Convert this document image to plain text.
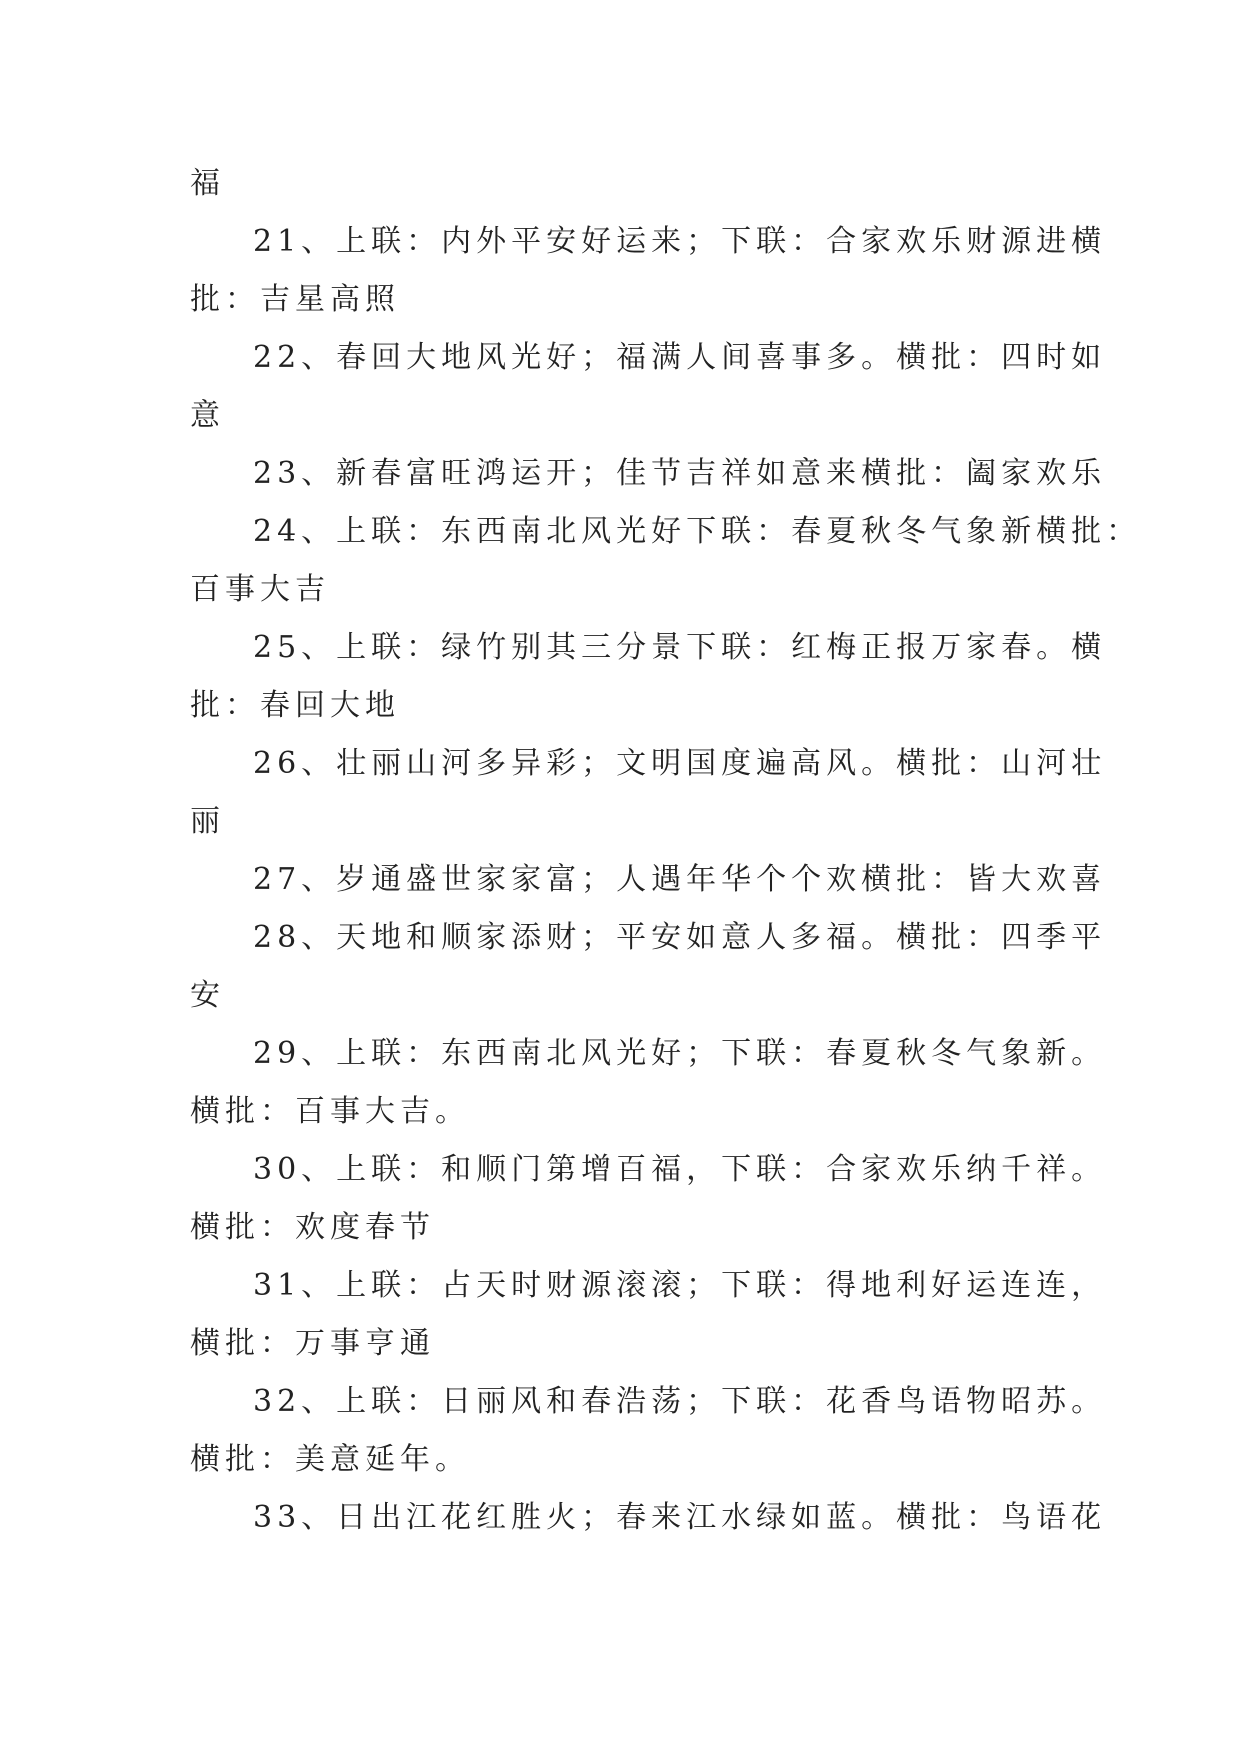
福
21、上联：内外平安好运来；下联：合家欢乐财源进横
批：吉星高照
22、春回大地风光好；福满人间喜事多。横批：四时如
意
23、新春富旺鸿运开；佳节吉祥如意来横批：阖家欢乐
24、上联：东西南北风光好下联：春夏秋冬气象新横批：
百事大吉
25、上联：绿竹别其三分景下联：红梅正报万家春。横
批：春回大地
26、壮丽山河多异彩；文明国度遍高风。横批：山河壮
丽
27、岁通盛世家家富；人遇年华个个欢横批：皆大欢喜
28、天地和顺家添财；平安如意人多福。横批：四季平
安
29、上联：东西南北风光好；下联：春夏秋冬气象新。
横批：百事大吉。
30、上联：和顺门第增百福，下联：合家欢乐纳千祥。
横批：欢度春节
31、上联：占天时财源滚滚；下联：得地利好运连连，
横批：万事亨通
32、上联：日丽风和春浩荡；下联：花香鸟语物昭苏。
横批：美意延年。
33、日出江花红胜火；春来江水绿如蓝。横批：鸟语花
